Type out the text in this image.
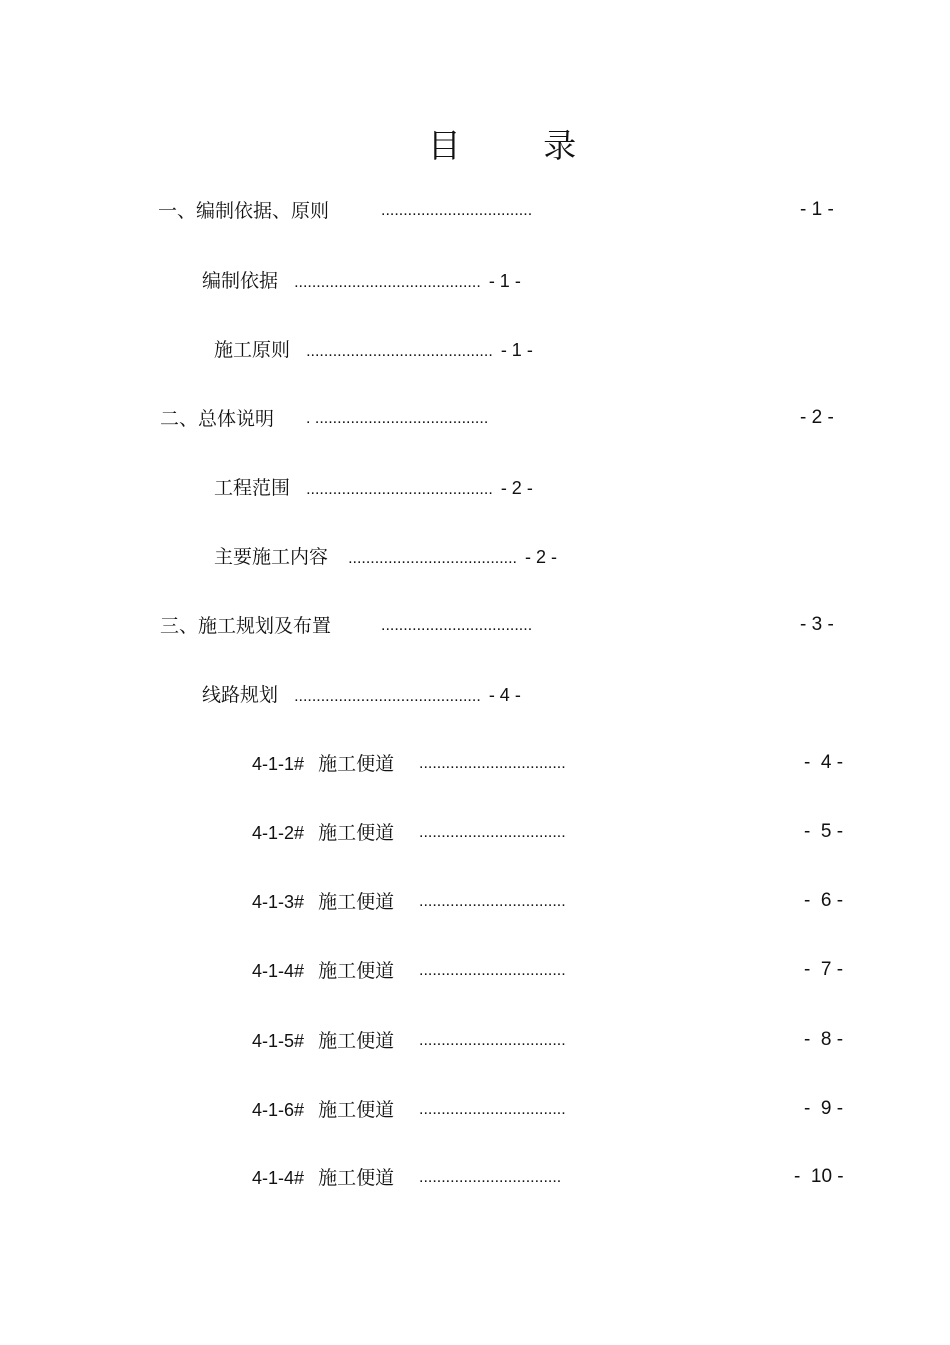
目 录
一、编制依据、原则	..................................	- 1 -
编制依据 .......................................... - 1 -
施工原则 .......................................... - 1 -
二、总体说明 . .......................................	- 2 -
工程范围 .......................................... - 2 -
主要施工内容 ...................................... - 2 -
三、施工规划及布置	..................................	- 3 -
线路规划 .......................................... - 4 -
4-1-1# 施工便道 .................................	-  4 -
4-1-2# 施工便道 .................................	-  5 -
4-1-3# 施工便道 .................................	-  6 -
4-1-4# 施工便道 .................................	-  7 -
4-1-5# 施工便道 .................................	-  8 -
4-1-6# 施工便道 .................................	-  9 -
4-1-4# 施工便道 ................................	-  10 -
